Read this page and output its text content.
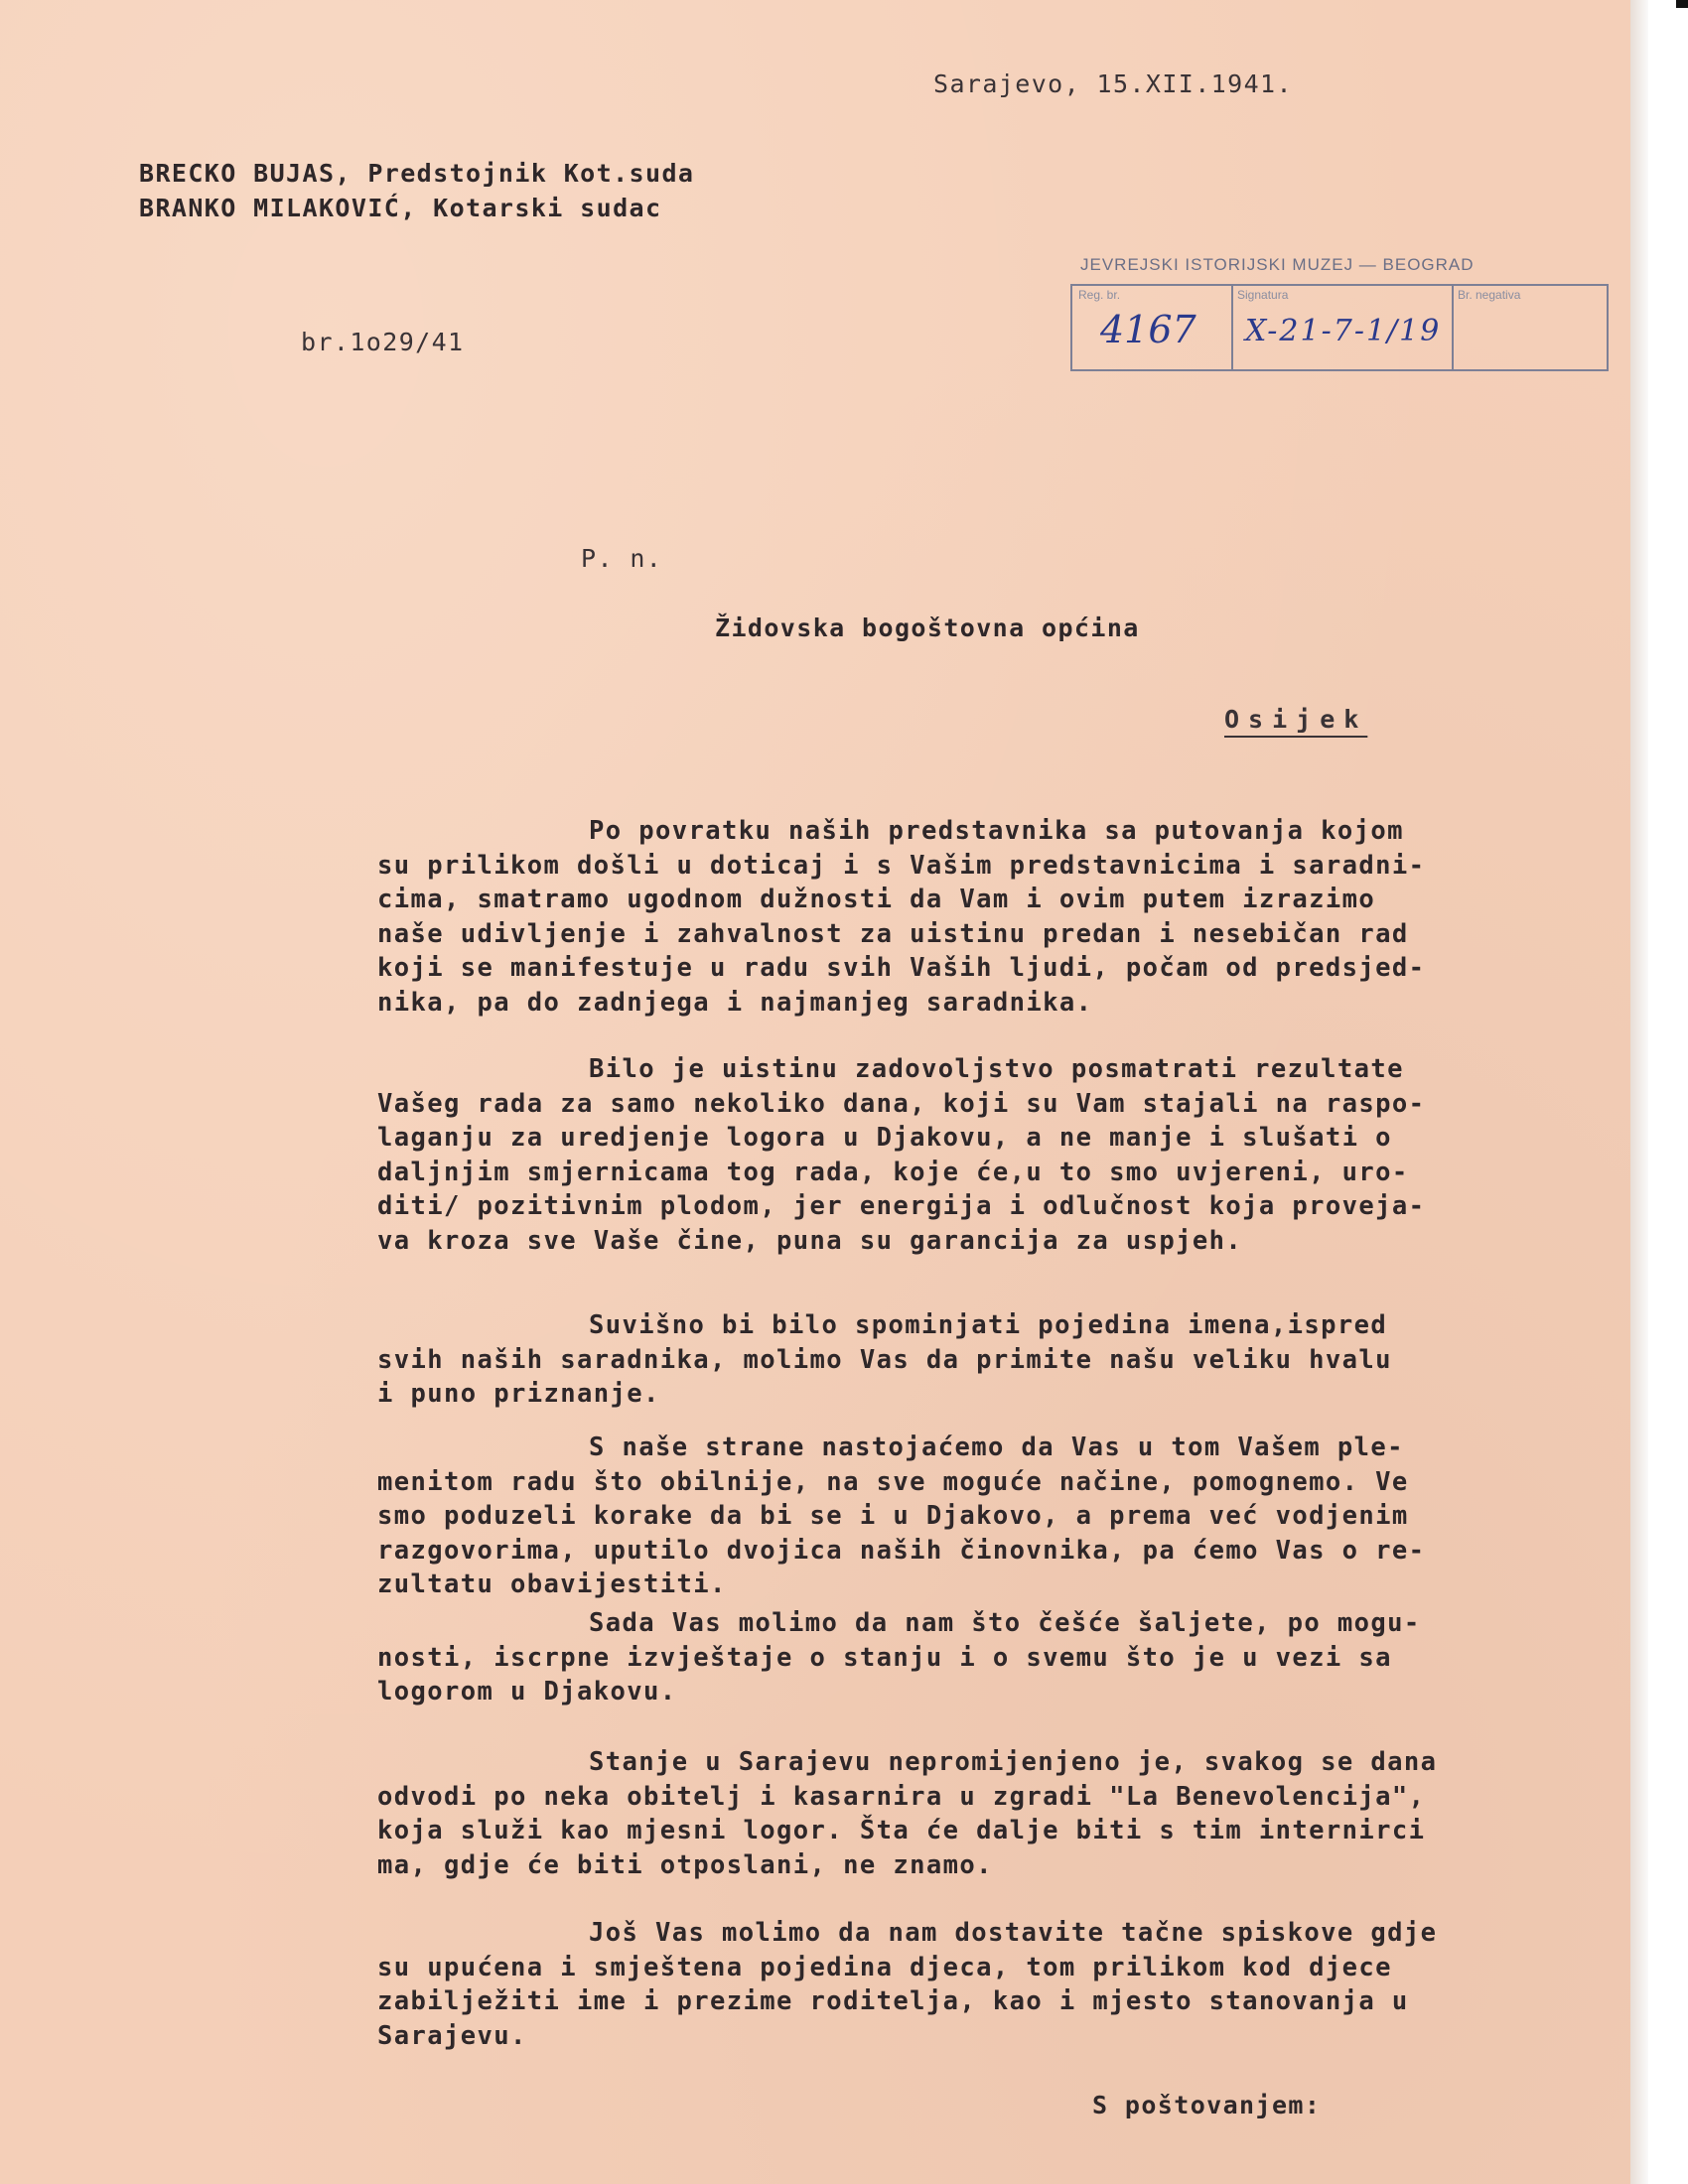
Sarajevo, 15.XII.1941.

BRECKO BUJAS, Predstojnik Kot.suda

BRANKO MILAKOVIĆ, Kotarski sudac

br.1o29/41

JEVREJSKI ISTORIJSKI MUZEJ — BEOGRAD
Reg. br.
4167
Signatura
X-21-7-1/19
Br. negativa

P. n.

Židovska bogoštovna općina

Osijek

Po povratku naših predstavnika sa putovanja kojom

su prilikom došli u doticaj i s Vašim predstavnicima i saradni-

cima, smatramo ugodnom dužnosti da Vam i ovim putem izrazimo

naše udivljenje i zahvalnost za uistinu predan i nesebičan rad

koji se manifestuje u radu svih Vaših ljudi, počam od predsjed-

nika, pa do zadnjega i najmanjeg saradnika.

Bilo je uistinu zadovoljstvo posmatrati rezultate

Vašeg rada za samo nekoliko dana, koji su Vam stajali na raspo-

laganju za uredjenje logora u Djakovu, a ne manje i slušati o

daljnjim smjernicama tog rada, koje će,u to smo uvjereni, uro-

diti/ pozitivnim plodom, jer energija i odlučnost koja proveja-

va kroza sve Vaše čine, puna su garancija za uspjeh.

Suvišno bi bilo spominjati pojedina imena,ispred

svih naših saradnika, molimo Vas da primite našu veliku hvalu

i puno priznanje.

S naše strane nastojaćemo da Vas u tom Vašem ple-

menitom radu što obilnije, na sve moguće načine, pomognemo. Ve

smo poduzeli korake da bi se i u Djakovo, a prema već vodjenim

razgovorima, uputilo dvojica naših činovnika, pa ćemo Vas o re-

zultatu obavijestiti.

Sada Vas molimo da nam što češće šaljete, po mogu-

nosti, iscrpne izvještaje o stanju i o svemu što je u vezi sa

logorom u Djakovu.

Stanje u Sarajevu nepromijenjeno je, svakog se dana

odvodi po neka obitelj i kasarnira u zgradi "La Benevolencija",

koja služi kao mjesni logor. Šta će dalje biti s tim internirci

ma, gdje će biti otposlani, ne znamo.

Još Vas molimo da nam dostavite tačne spiskove gdje

su upućena i smještena pojedina djeca, tom prilikom kod djece

zabilježiti ime i prezime roditelja, kao i mjesto stanovanja u

Sarajevu.

S poštovanjem:
